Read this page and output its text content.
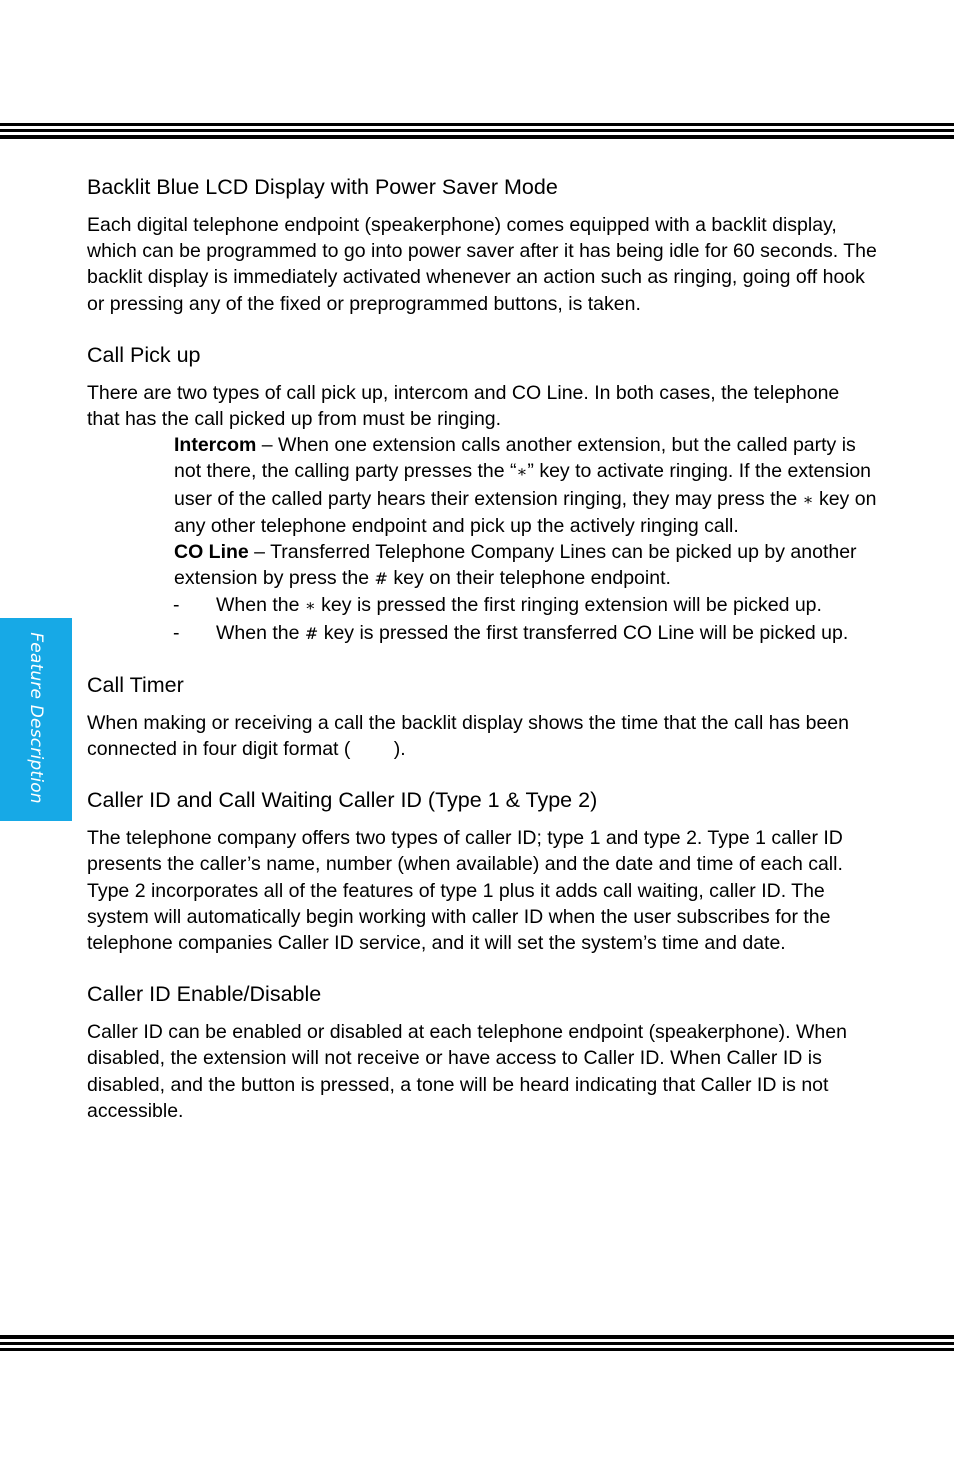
Feature Description
Backlit Blue LCD Display with Power Saver Mode

Each digital telephone endpoint (speakerphone) comes equipped with a backlit display, which can be programmed to go into power saver after it has being idle for 60 seconds. The backlit display is immediately activated whenever an action such as ringing, going off hook or pressing any of the fixed or preprogrammed buttons, is taken.

Call Pick up

There are two types of call pick up, intercom and CO Line. In both cases, the telephone that has the call picked up from must be ringing.

Intercom – When one extension calls another extension, but the called party is not there, the calling party presses the “∗” key to activate ringing. If the extension user of the called party hears their extension ringing, they may press the ∗ key on any other telephone endpoint and pick up the actively ringing call.

CO Line – Transferred Telephone Company Lines can be picked up by another extension by press the # key on their telephone endpoint.

-	When the ∗ key is pressed the first ringing extension will be picked up.

-	When the # key is pressed the first transferred CO Line will be picked up.

Call Timer

When making or receiving a call the backlit display shows the time that the call has been connected in four digit format (        ).

Caller ID and Call Waiting Caller ID (Type 1 & Type 2)

The telephone company offers two types of caller ID; type 1 and type 2. Type 1 caller ID presents the caller’s name, number (when available) and the date and time of each call. Type 2 incorporates all of the features of type 1 plus it adds call waiting, caller ID. The system will automatically begin working with caller ID when the user subscribes for the telephone companies Caller ID service, and it will set the system’s time and date.

Caller ID Enable/Disable

Caller ID can be enabled or disabled at each telephone endpoint (speakerphone). When disabled, the extension will not receive or have access to Caller ID. When Caller ID is disabled, and the button is pressed, a tone will be heard indicating that Caller ID is not accessible.
